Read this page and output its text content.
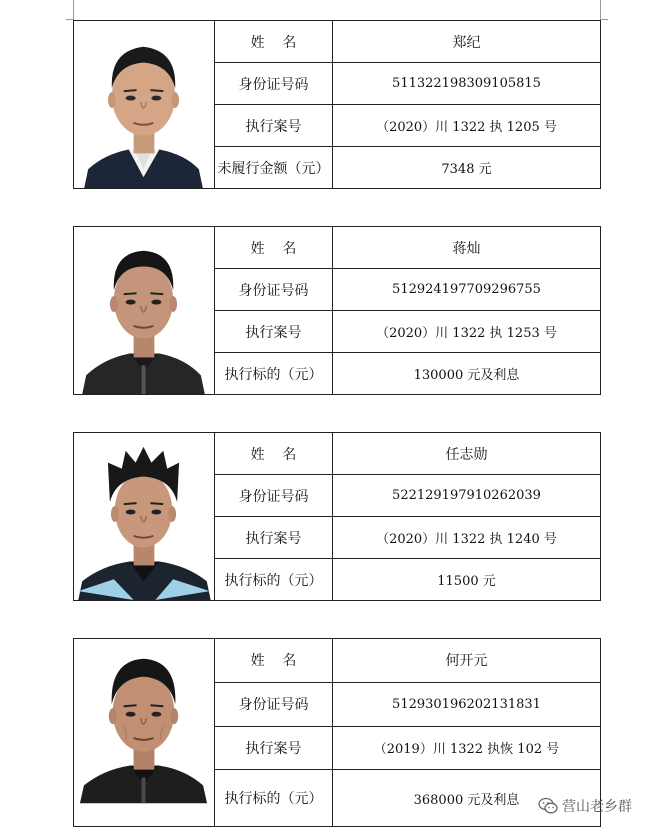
姓    名	郑纪
身份证号码	511322198309105815
执行案号	（2020）川 1322 执 1205 号
未履行金额（元）	7348 元
姓    名	蒋灿
身份证号码	512924197709296755
执行案号	（2020）川 1322 执 1253 号
执行标的（元）	130000 元及利息
姓    名	任志勋
身份证号码	522129197910262039
执行案号	（2020）川 1322 执 1240 号
执行标的（元）	11500 元
姓    名	何开元
身份证号码	512930196202131831
执行案号	（2019）川 1322 执恢 102 号
执行标的（元）	368000 元及利息	营山老乡群
